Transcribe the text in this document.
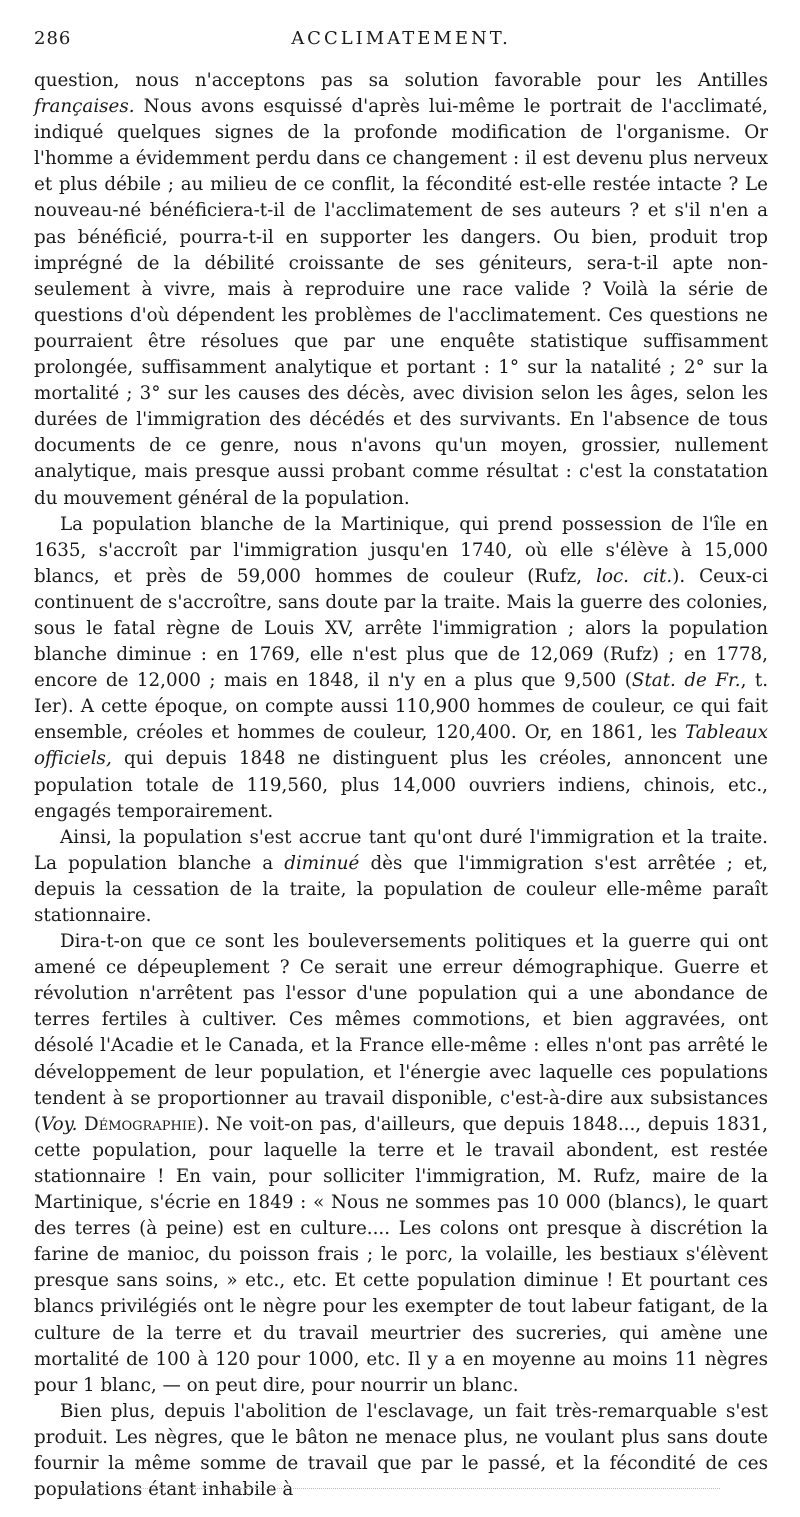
286	ACCLIMATEMENT.

question, nous n'acceptons pas sa solution favorable pour les Antilles françaises. Nous avons esquissé d'après lui-même le portrait de l'acclimaté, indiqué quelques signes de la profonde modification de l'organisme. Or l'homme a évidemment perdu dans ce changement : il est devenu plus nerveux et plus débile ; au milieu de ce conflit, la fécondité est-elle restée intacte ? Le nouveau-né bénéficiera-t-il de l'acclimatement de ses auteurs ? et s'il n'en a pas bénéficié, pourra-t-il en supporter les dangers. Ou bien, produit trop imprégné de la débilité croissante de ses géniteurs, sera-t-il apte non-seulement à vivre, mais à reproduire une race valide ? Voilà la série de questions d'où dépendent les problèmes de l'acclimatement. Ces questions ne pourraient être résolues que par une enquête statistique suffisamment prolongée, suffisamment analytique et portant : 1° sur la natalité ; 2° sur la mortalité ; 3° sur les causes des décès, avec division selon les âges, selon les durées de l'immigration des décédés et des survivants. En l'absence de tous documents de ce genre, nous n'avons qu'un moyen, grossier, nullement analytique, mais presque aussi probant comme résultat : c'est la constatation du mouvement général de la population.

La population blanche de la Martinique, qui prend possession de l'île en 1635, s'accroît par l'immigration jusqu'en 1740, où elle s'élève à 15,000 blancs, et près de 59,000 hommes de couleur (Rufz, loc. cit.). Ceux-ci continuent de s'accroître, sans doute par la traite. Mais la guerre des colonies, sous le fatal règne de Louis XV, arrête l'immigration ; alors la population blanche diminue : en 1769, elle n'est plus que de 12,069 (Rufz) ; en 1778, encore de 12,000 ; mais en 1848, il n'y en a plus que 9,500 (Stat. de Fr., t. Ier). A cette époque, on compte aussi 110,900 hommes de couleur, ce qui fait ensemble, créoles et hommes de couleur, 120,400. Or, en 1861, les Tableaux officiels, qui depuis 1848 ne distinguent plus les créoles, annoncent une population totale de 119,560, plus 14,000 ouvriers indiens, chinois, etc., engagés temporairement.

Ainsi, la population s'est accrue tant qu'ont duré l'immigration et la traite. La population blanche a diminué dès que l'immigration s'est arrêtée ; et, depuis la cessation de la traite, la population de couleur elle-même paraît stationnaire.

Dira-t-on que ce sont les bouleversements politiques et la guerre qui ont amené ce dépeuplement ? Ce serait une erreur démographique. Guerre et révolution n'arrêtent pas l'essor d'une population qui a une abondance de terres fertiles à cultiver. Ces mêmes commotions, et bien aggravées, ont désolé l'Acadie et le Canada, et la France elle-même : elles n'ont pas arrêté le développement de leur population, et l'énergie avec laquelle ces populations tendent à se proportionner au travail disponible, c'est-à-dire aux subsistances (Voy. Démographie). Ne voit-on pas, d'ailleurs, que depuis 1848..., depuis 1831, cette population, pour laquelle la terre et le travail abondent, est restée stationnaire ! En vain, pour solliciter l'immigration, M. Rufz, maire de la Martinique, s'écrie en 1849 : « Nous ne sommes pas 10 000 (blancs), le quart des terres (à peine) est en culture.... Les colons ont presque à discrétion la farine de manioc, du poisson frais ; le porc, la volaille, les bestiaux s'élèvent presque sans soins, » etc., etc. Et cette population diminue ! Et pourtant ces blancs privilégiés ont le nègre pour les exempter de tout labeur fatigant, de la culture de la terre et du travail meurtrier des sucreries, qui amène une mortalité de 100 à 120 pour 1000, etc. Il y a en moyenne au moins 11 nègres pour 1 blanc, — on peut dire, pour nourrir un blanc.

Bien plus, depuis l'abolition de l'esclavage, un fait très-remarquable s'est produit. Les nègres, que le bâton ne menace plus, ne voulant plus sans doute fournir la même somme de travail que par le passé, et la fécondité de ces populations étant inhabile à
